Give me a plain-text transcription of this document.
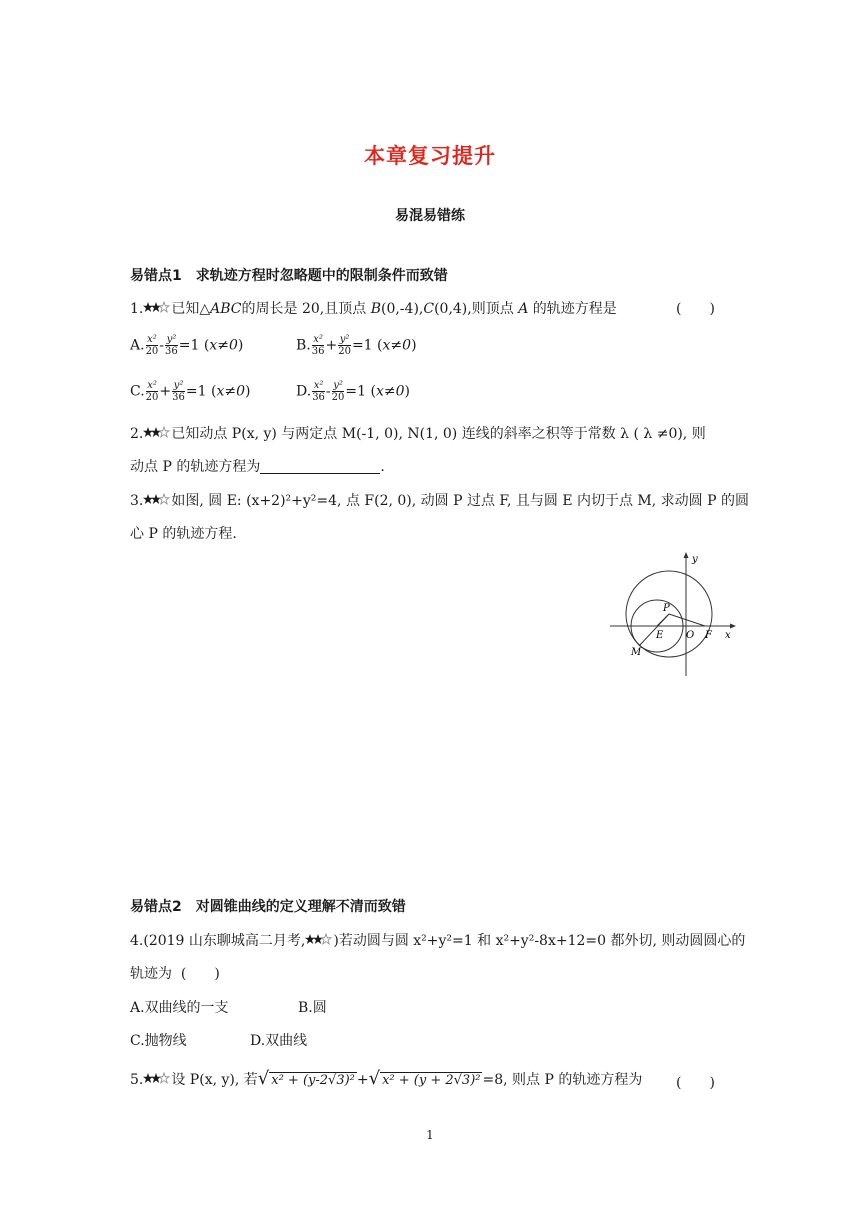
本章复习提升
易混易错练
易错点1　求轨迹方程时忽略题中的限制条件而致错
1. 已知△ABC的周长是 20,且顶点 B(0,-4),C(0,4),则顶点 A 的轨迹方程是	(　　)
A. $\frac{\text{x²}}{20} - \frac{\text{y²}}{36} =1$ (x≠0)	B. $\frac{\text{x²}}{36} + \frac{\text{y²}}{20} =1$ (x≠0)
C. $\frac{\text{x²}}{20} + \frac{\text{y²}}{36} =1$ (x≠0)	D. $\frac{\text{x²}}{36} - \frac{\text{y²}}{20} =1$ (x≠0)
2. 已知动点 P(x, y) 与两定点 M(-1, 0), N(1, 0) 连线的斜率之积等于常数 λ ( λ ≠0), 则
动点 P 的轨迹方程为	.
3. 如图, 圆 E: (x+2)²+y²=4, 点 F(2, 0), 动圆 P 过点 F, 且与圆 E 内切于点 M, 求动圆 P 的圆
心 P 的轨迹方程.
y
x
P
E O F
M
易错点2　对圆锥曲线的定义理解不清而致错
4.(2019 山东聊城高二月考, )若动圆与圆 x²+y²=1 和 x²+y²-8x+12=0 都外切, 则动圆圆心的
轨迹为 (　　)
A.双曲线的一支	B.圆
C.抛物线	D.双曲线
5. 设 P(x, y), 若√ x² + (y-2√3)² +√ x² + (y + 2√3)² =8, 则点 P 的轨迹方程为 (　　)
1
